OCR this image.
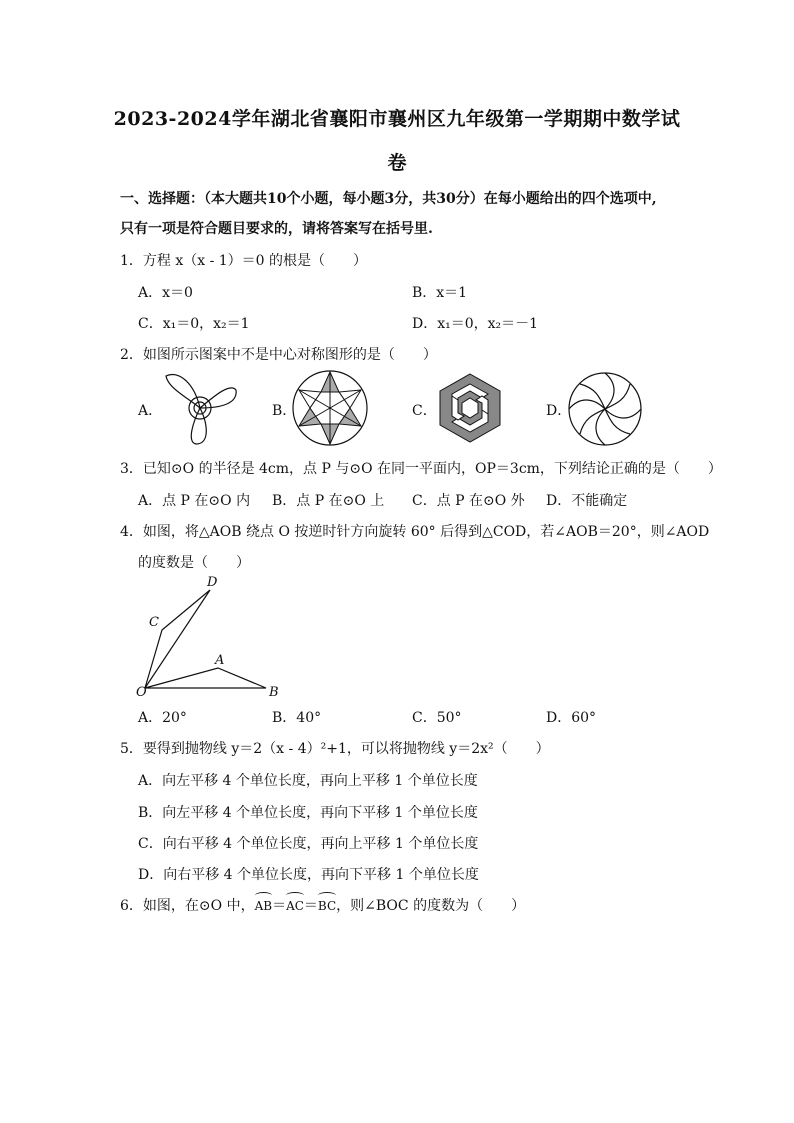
2023-2024学年湖北省襄阳市襄州区九年级第一学期期中数学试
卷
一、选择题：（本大题共10个小题，每小题3分，共30分）在每小题给出的四个选项中,
只有一项是符合题目要求的，请将答案写在括号里.
1．方程 x（x - 1）＝0 的根是（　　）
A．x＝0	B．x＝1
C．x₁＝0，x₂＝1	D．x₁＝0，x₂＝－1
2．如图所示图案中不是中心对称图形的是（　　）
A．	B．	C．	D．
3．已知⊙O 的半径是 4cm，点 P 与⊙O 在同一平面内，OP＝3cm，下列结论正确的是（　　）
A．点 P 在⊙O 内 B．点 P 在⊙O 上 C．点 P 在⊙O 外 D．不能确定
4．如图，将△AOB 绕点 O 按逆时针方向旋转 60° 后得到△COD，若∠AOB＝20°，则∠AOD
的度数是（　　）
D
C
A
O	B
A．20°	B．40°	C．50°	D．60°
5．要得到抛物线 y＝2（x - 4）²+1，可以将抛物线 y＝2x²（　　）
A．向左平移 4 个单位长度，再向上平移 1 个单位长度
B．向左平移 4 个单位长度，再向下平移 1 个单位长度
C．向右平移 4 个单位长度，再向上平移 1 个单位长度
D．向右平移 4 个单位长度，再向下平移 1 个单位长度
6．如图，在⊙O 中，
AB＝
AC＝
BC，则∠BOC 的度数为（　　）
